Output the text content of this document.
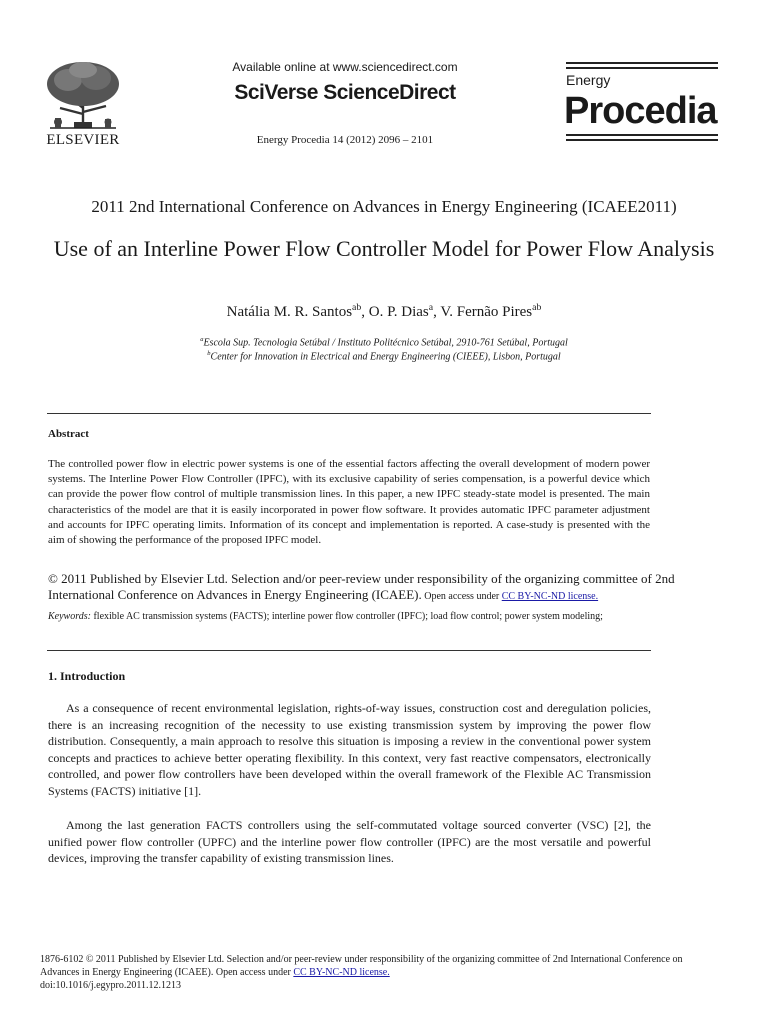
ELSEVIER
Available online at www.sciencedirect.com
SciVerse ScienceDirect
Energy Procedia 14 (2012) 2096 – 2101
Energy
Procedia
2011 2nd International Conference on Advances in Energy Engineering (ICAEE2011)
Use of an Interline Power Flow Controller Model for Power Flow Analysis
Natália M. R. Santos$^{ab}$, O. P. Dias$^a$, V. Fernão Pires$^{ab}$
$^a$Escola Sup. Tecnologia Setúbal / Instituto Politécnico Setúbal, 2910-761 Setúbal, Portugal
$^b$Center for Innovation in Electrical and Energy Engineering (CIEEE), Lisbon, Portugal
Abstract
The controlled power flow in electric power systems is one of the essential factors affecting the overall development of modern power systems. The Interline Power Flow Controller (IPFC), with its exclusive capability of series compensation, is a powerful device which can provide the power flow control of multiple transmission lines. In this paper, a new IPFC steady-state model is presented. The main characteristics of the model are that it is easily incorporated in power flow software. It provides automatic IPFC parameter adjustment and accounts for IPFC operating limits. Information of its concept and implementation is reported. A case-study is presented with the aim of showing the performance of the proposed IPFC model.
© 2011 Published by Elsevier Ltd. Selection and/or peer-review under responsibility of the organizing committee of 2nd International Conference on Advances in Energy Engineering (ICAEE). Open access under CC BY-NC-ND license.
Keywords: flexible AC transmission systems (FACTS); interline power flow controller (IPFC); load flow control; power system modeling;
1. Introduction
As a consequence of recent environmental legislation, rights-of-way issues, construction cost and deregulation policies, there is an increasing recognition of the necessity to use existing transmission system by improving the power flow distribution. Consequently, a main approach to resolve this situation is imposing a review in the conventional power system concepts and practices to achieve better operating flexibility. In this context, very fast reactive compensators, electronically controlled, and power flow controllers have been developed within the overall framework of the Flexible AC Transmission Systems (FACTS) initiative [1].
Among the last generation FACTS controllers using the self-commutated voltage sourced converter (VSC) [2], the unified power flow controller (UPFC) and the interline power flow controller (IPFC) are the most versatile and powerful devices, improving the transfer capability of existing transmission lines.
1876-6102 © 2011 Published by Elsevier Ltd. Selection and/or peer-review under responsibility of the organizing committee of 2nd International Conference on Advances in Energy Engineering (ICAEE). Open access under CC BY-NC-ND license.
doi:10.1016/j.egypro.2011.12.1213
